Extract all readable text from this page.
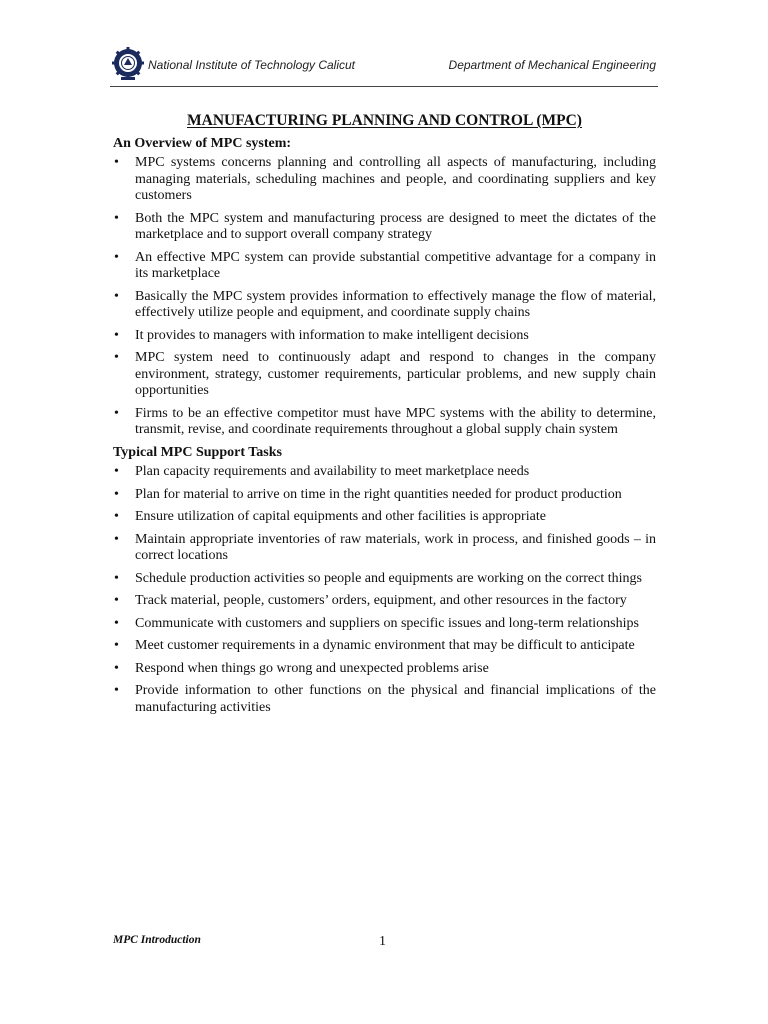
National Institute of Technology Calicut	Department of Mechanical Engineering
MANUFACTURING PLANNING AND CONTROL (MPC)
An Overview of MPC system:
• MPC systems concerns planning and controlling all aspects of manufacturing, including managing materials, scheduling machines and people, and coordinating suppliers and key customers
• Both the MPC system and manufacturing process are designed to meet the dictates of the marketplace and to support overall company strategy
• An effective MPC system can provide substantial competitive advantage for a company in its marketplace
• Basically the MPC system provides information to effectively manage the flow of material, effectively utilize people and equipment, and coordinate supply chains
• It provides to managers with information to make intelligent decisions
• MPC system need to continuously adapt and respond to changes in the company environment, strategy, customer requirements, particular problems, and new supply chain opportunities
• Firms to be an effective competitor must have MPC systems with the ability to determine, transmit, revise, and coordinate requirements throughout a global supply chain system
Typical MPC Support Tasks
• Plan capacity requirements and availability to meet marketplace needs
• Plan for material to arrive on time in the right quantities needed for product production
• Ensure utilization of capital equipments and other facilities is appropriate
• Maintain appropriate inventories of raw materials, work in process, and finished goods – in correct locations
• Schedule production activities so people and equipments are working on the correct things
• Track material, people, customers’ orders, equipment, and other resources in the factory
• Communicate with customers and suppliers on specific issues and long-term relationships
• Meet customer requirements in a dynamic environment that may be difficult to anticipate
• Respond when things go wrong and unexpected problems arise
• Provide information to other functions on the physical and financial implications of the manufacturing activities
MPC Introduction	1
